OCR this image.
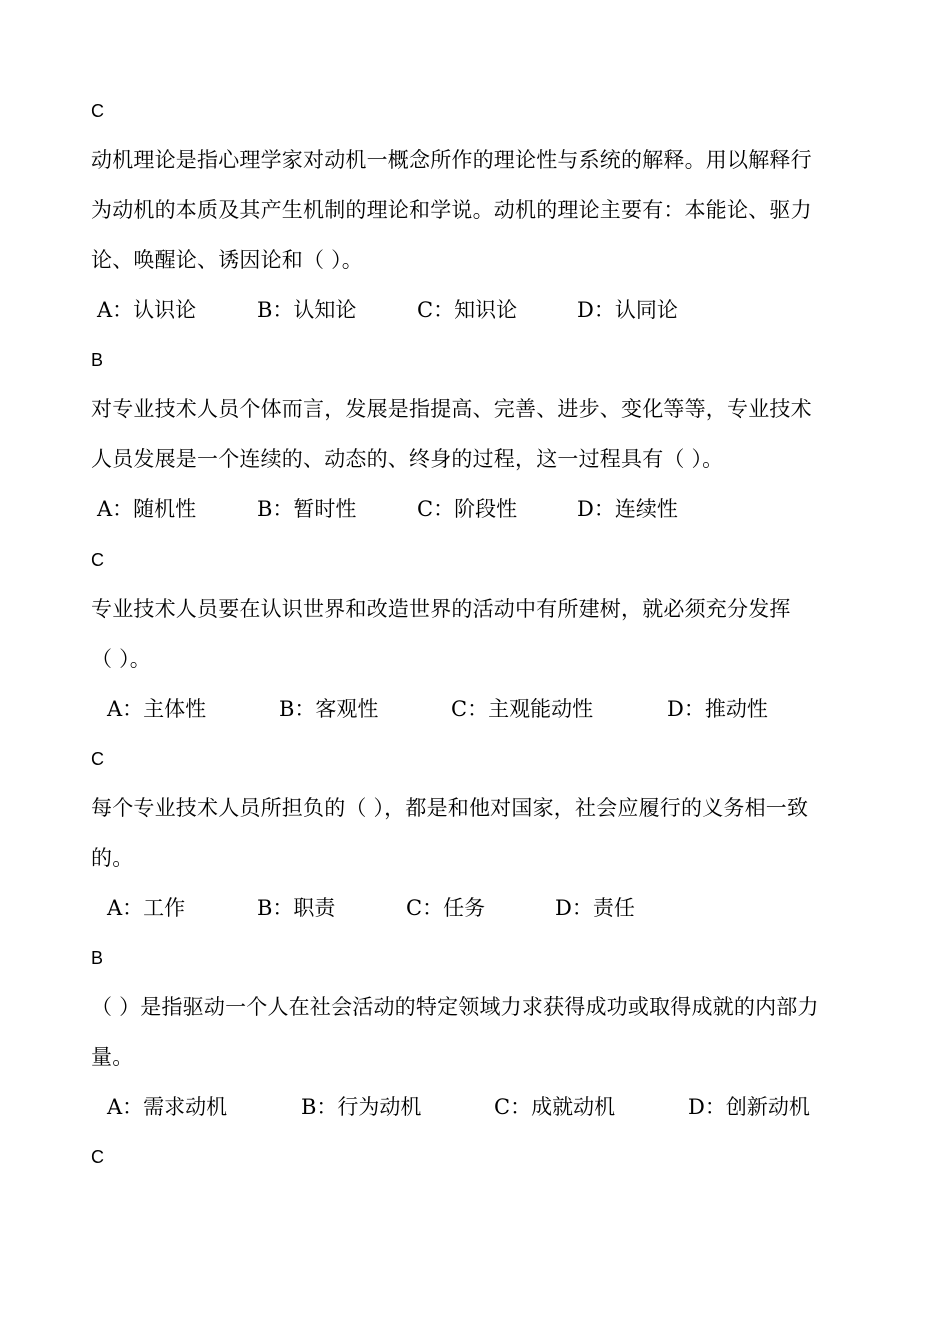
C
动机理论是指心理学家对动机一概念所作的理论性与系统的解释。用以解释行
为动机的本质及其产生机制的理论和学说。动机的理论主要有：本能论、驱力
论、唤醒论、诱因论和（ ）。
A：认识论	B：认知论	C：知识论	D：认同论
B
对专业技术人员个体而言，发展是指提高、完善、进步、变化等等，专业技术
人员发展是一个连续的、动态的、终身的过程，这一过程具有（ ）。
A：随机性	B：暂时性	C：阶段性	D：连续性
C
专业技术人员要在认识世界和改造世界的活动中有所建树，就必须充分发挥
（ ）。
A：主体性	B：客观性	C：主观能动性	D：推动性
C
每个专业技术人员所担负的（ ），都是和他对国家，社会应履行的义务相一致
的。
A：工作	B：职责	C：任务	D：责任
B
（ ）是指驱动一个人在社会活动的特定领域力求获得成功或取得成就的内部力
量。
A：需求动机	B：行为动机	C：成就动机	D：创新动机
C
